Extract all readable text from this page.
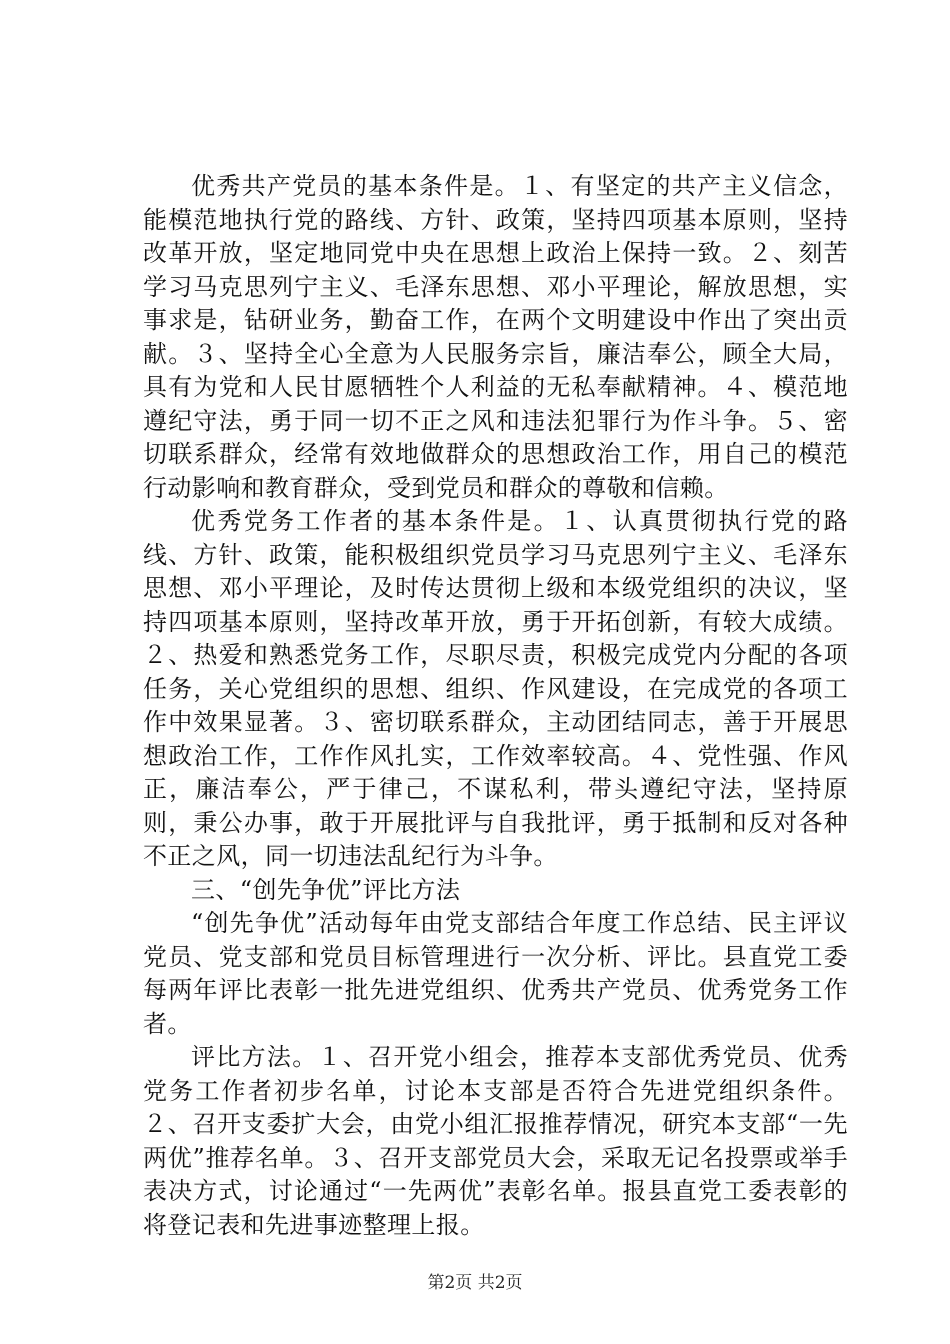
优秀共产党员的基本条件是。１、有坚定的共产主义信念，能模范地执行党的路线、方针、政策，坚持四项基本原则，坚持改革开放，坚定地同党中央在思想上政治上保持一致。２、刻苦学习马克思列宁主义、毛泽东思想、邓小平理论，解放思想，实事求是，钻研业务，勤奋工作，在两个文明建设中作出了突出贡献。３、坚持全心全意为人民服务宗旨，廉洁奉公，顾全大局，具有为党和人民甘愿牺牲个人利益的无私奉献精神。４、模范地遵纪守法，勇于同一切不正之风和违法犯罪行为作斗争。５、密切联系群众，经常有效地做群众的思想政治工作，用自己的模范行动影响和教育群众，受到党员和群众的尊敬和信赖。

优秀党务工作者的基本条件是。１、认真贯彻执行党的路线、方针、政策，能积极组织党员学习马克思列宁主义、毛泽东思想、邓小平理论，及时传达贯彻上级和本级党组织的决议，坚持四项基本原则，坚持改革开放，勇于开拓创新，有较大成绩。２、热爱和熟悉党务工作，尽职尽责，积极完成党内分配的各项任务，关心党组织的思想、组织、作风建设，在完成党的各项工作中效果显著。３、密切联系群众，主动团结同志，善于开展思想政治工作，工作作风扎实，工作效率较高。４、党性强、作风正，廉洁奉公，严于律己，不谋私利，带头遵纪守法，坚持原则，秉公办事，敢于开展批评与自我批评，勇于抵制和反对各种不正之风，同一切违法乱纪行为斗争。

三、“创先争优”评比方法

“创先争优”活动每年由党支部结合年度工作总结、民主评议党员、党支部和党员目标管理进行一次分析、评比。县直党工委每两年评比表彰一批先进党组织、优秀共产党员、优秀党务工作者。

评比方法。１、召开党小组会，推荐本支部优秀党员、优秀党务工作者初步名单，讨论本支部是否符合先进党组织条件。２、召开支委扩大会，由党小组汇报推荐情况，研究本支部“一先两优”推荐名单。３、召开支部党员大会，采取无记名投票或举手表决方式，讨论通过“一先两优”表彰名单。报县直党工委表彰的将登记表和先进事迹整理上报。

第2页 共2页
